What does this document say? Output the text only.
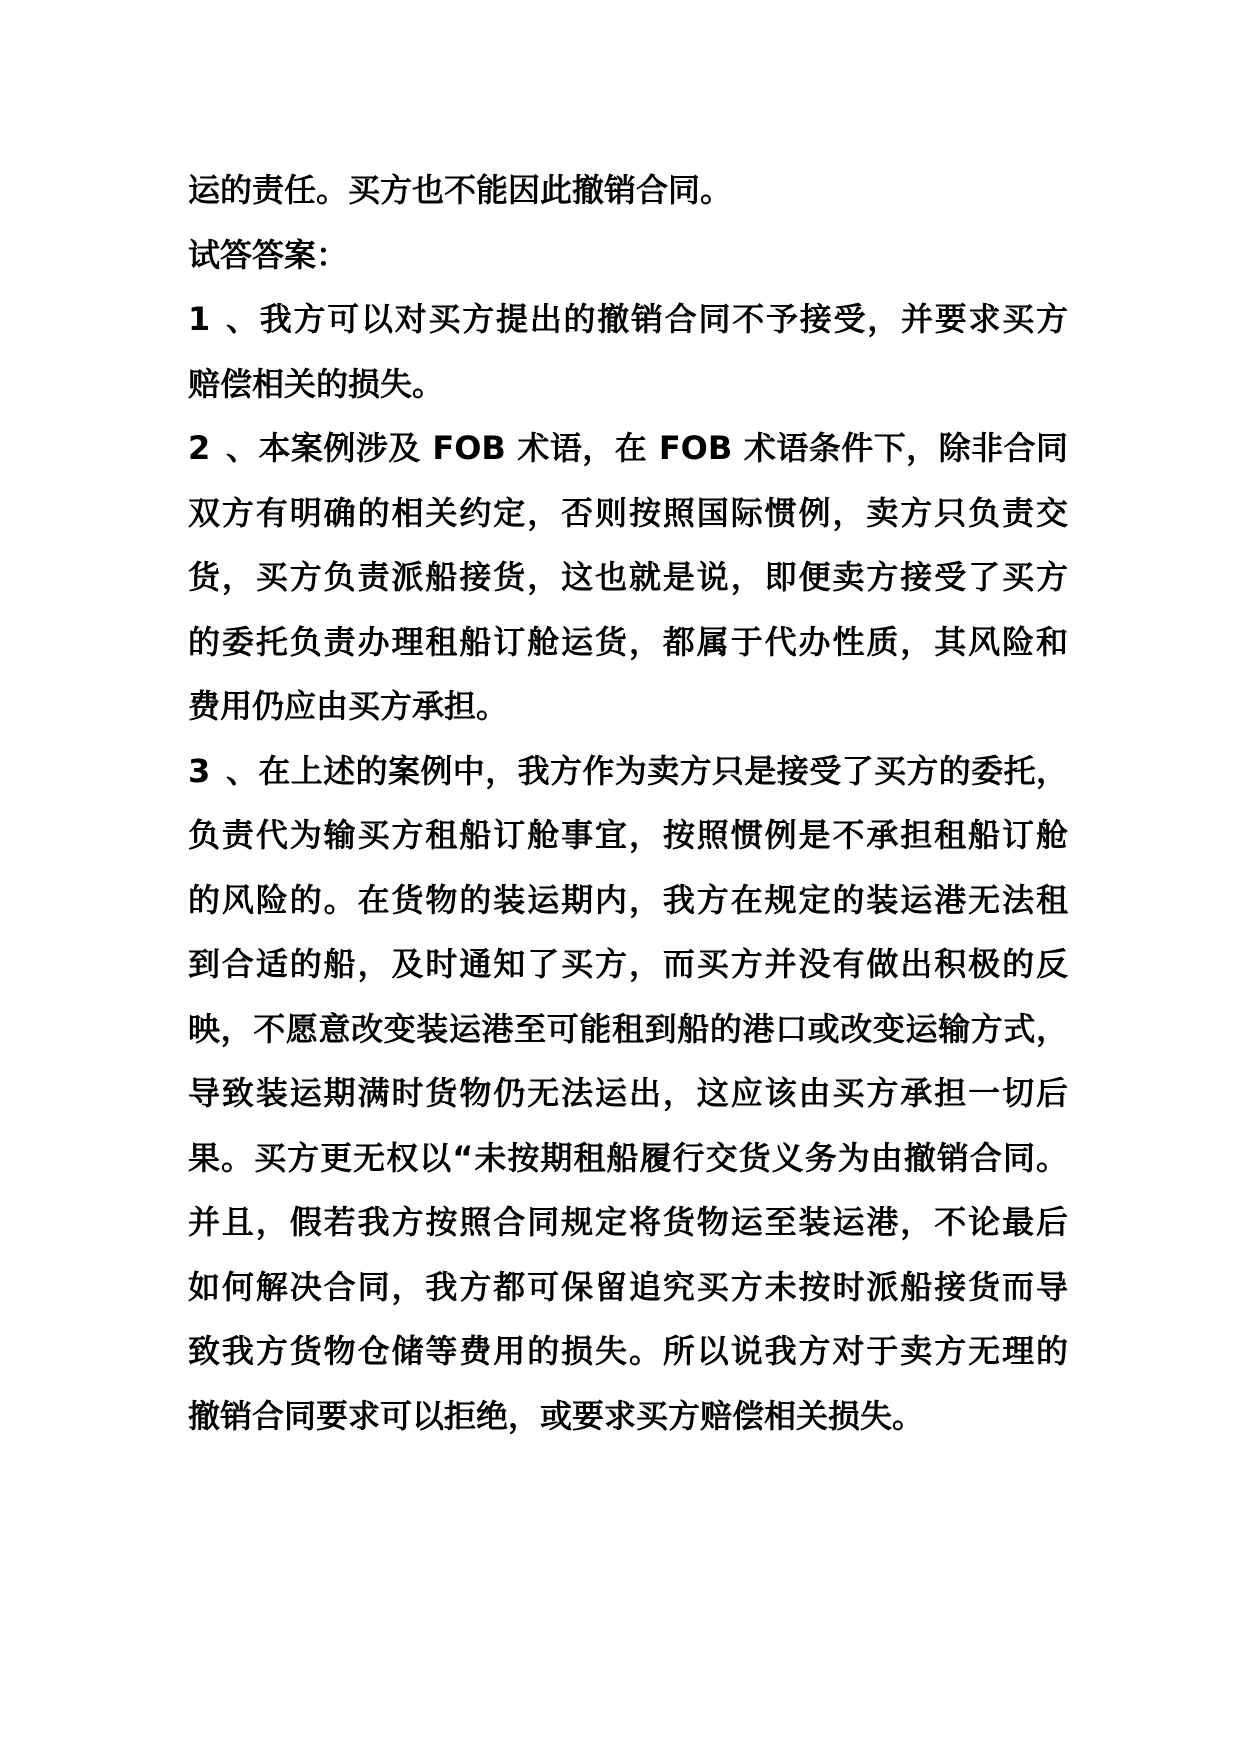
运的责任。买方也不能因此撤销合同。
试答答案：
1、我方可以对买方提出的撤销合同不予接受，并要求买方
赔偿相关的损失。
2、本案例涉及 FOB 术语，在 FOB 术语条件下，除非合同
双方有明确的相关约定，否则按照国际惯例，卖方只负责交
货，买方负责派船接货，这也就是说，即便卖方接受了买方
的委托负责办理租船订舱运货，都属于代办性质，其风险和
费用仍应由买方承担。
3、在上述的案例中，我方作为卖方只是接受了买方的委托，
负责代为输买方租船订舱事宜，按照惯例是不承担租船订舱
的风险的。在货物的装运期内，我方在规定的装运港无法租
到合适的船，及时通知了买方，而买方并没有做出积极的反
映，不愿意改变装运港至可能租到船的港口或改变运输方式，
导致装运期满时货物仍无法运出，这应该由买方承担一切后
果。买方更无权以“未按期租船履行交货义务为由撤销合同。
并且，假若我方按照合同规定将货物运至装运港，不论最后
如何解决合同，我方都可保留追究买方未按时派船接货而导
致我方货物仓储等费用的损失。所以说我方对于卖方无理的
撤销合同要求可以拒绝，或要求买方赔偿相关损失。
